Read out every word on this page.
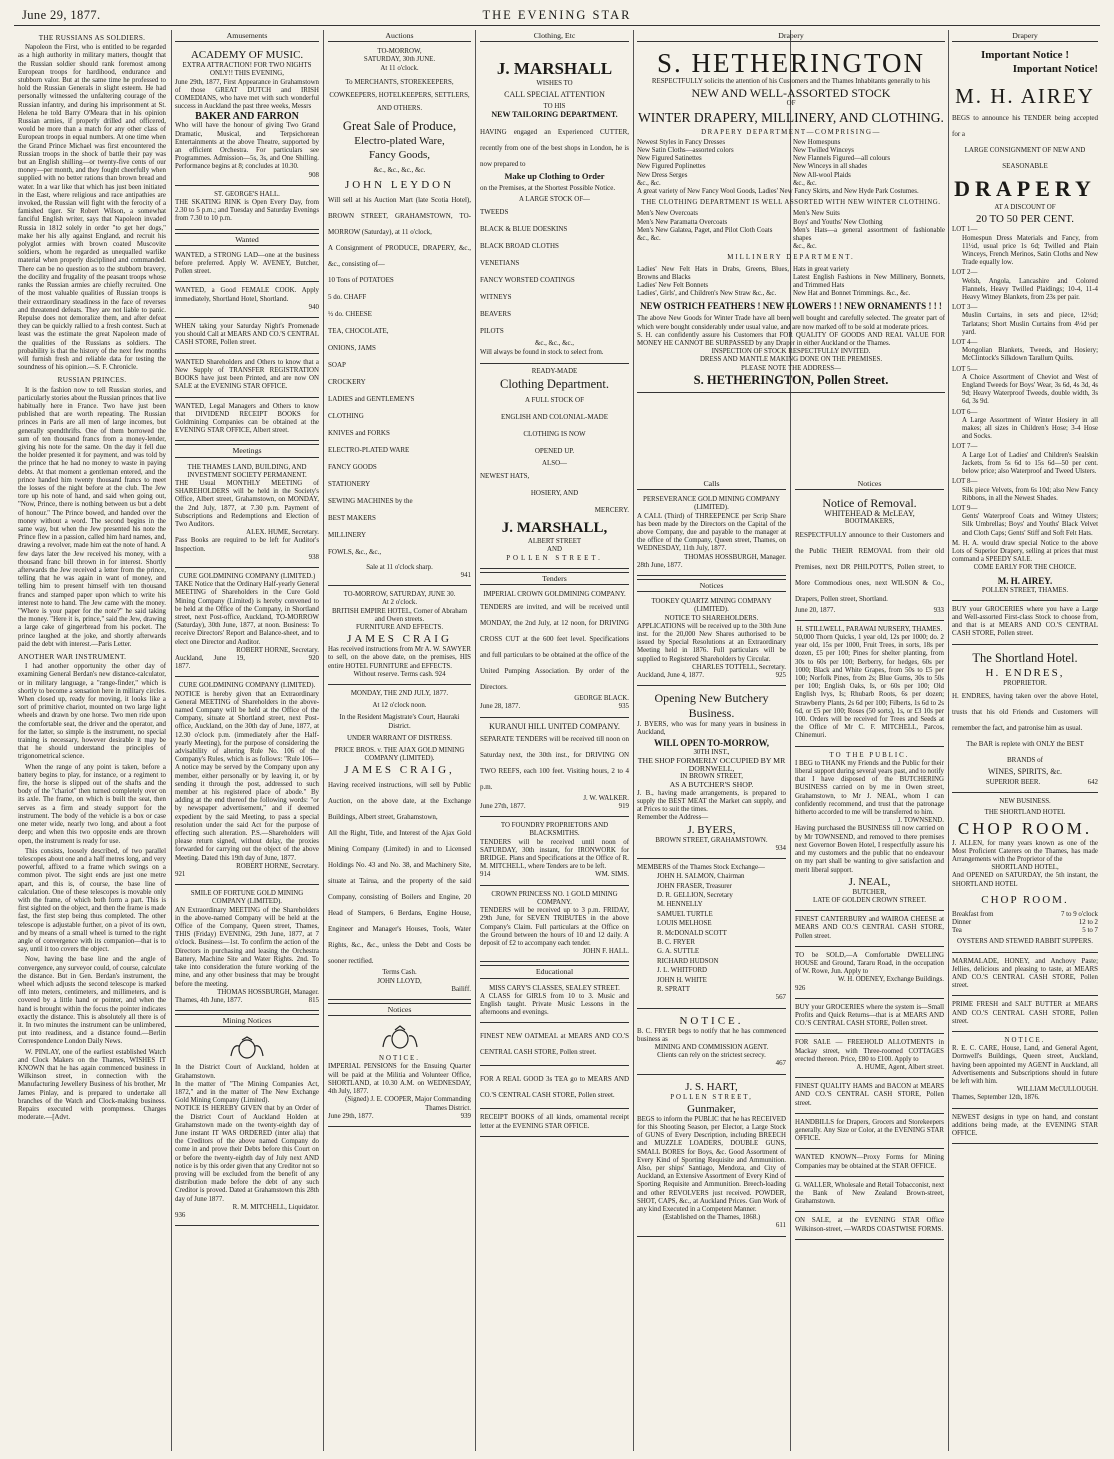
June 29, 1877.	THE EVENING STAR
THE RUSSIANS AS SOLDIERS.

Napoleon the First, who is entitled to be regarded as a high authority in military matters, thought that the Russian soldier should rank foremost among European troops for hardihood, endurance and stubborn valor. But at the same time he professed to hold the Russian Generals in slight esteem. He had personally witnessed the unfaltering courage of the Russian infantry, and during his imprisonment at St. Helena he told Barry O'Meara that in his opinion Russian armies, if properly drilled and officered, would be more than a match for any other class of European troops in equal numbers. At one time when the Grand Prince Michael was first encountered the Russian troops in the shock of battle their pay was but an English shilling—or twenty-five cents of our money—per month, and they fought cheerfully when supplied with no better rations than brown bread and water. In a war like that which has just been initiated in the East, where religious and race antipathies are invoked, the Russian will fight with the ferocity of a famished tiger. Sir Robert Wilson, a somewhat fanciful English writer, says that Napoleon invaded Russia in 1812 solely in order "to get her dogs," make her his ally against England, and recruit his polyglot armies with brown coated Muscovite soldiers, whom he regarded as unequalled warlike material when properly disciplined and commanded. There can be no question as to the stubborn bravery, the docility and frugality of the peasant troops whose ranks the Russian armies are chiefly recruited. One of the most valuable qualities of Russian troops is their extraordinary steadiness in the face of reverses and threatened defeats. They are not liable to panic. Repulse does not demoralize them, and after defeat they can be quickly rallied to a fresh contest. Such at least was the estimate the great Napoleon made of the qualities of the Russians as soldiers. The probability is that the history of the next few months will furnish fresh and reliable data for testing the soundness of his opinion.—S. F. Chronicle.

RUSSIAN PRINCES.

It is the fashion now to tell Russian stories, and particularly stories about the Russian princes that live habitually here in France. Two have just been published that are worth repeating. The Russian princes in Paris are all men of large incomes, but generally spendthrifts. One of them borrowed the sum of ten thousand francs from a money-lender, giving his note for the same. On the day it fell due the holder presented it for payment, and was told by the prince that he had no money to waste in paying debts. At that moment a gentleman entered, and the prince handed him twenty thousand francs to meet the losses of the night before at the club. The Jew tore up his note of hand, and said when going out, "Now, Prince, there is nothing between us but a debt of honour." The Prince bowed, and handed over the money without a word. The second begins in the same way, but when the Jew presented his note the Prince flew in a passion, called him hard names, and, drawing a revolver, made him eat the note of hand. A few days later the Jew received his money, with a thousand franc bill thrown in for interest. Shortly afterwards the Jew received a letter from the prince, telling that he was again in want of money, and telling him to present himself with ten thousand francs and stamped paper upon which to write his interest note to hand. The Jew came with the money. "Where is your paper for the note?" he said taking the money. "Here it is, prince," said the Jew, drawing a large cake of gingerbread from his pocket. The prince laughed at the joke, and shortly afterwards paid the debt with interest.—Paris Letter.

ANOTHER WAR INSTRUMENT.

I had another opportunity the other day of examining General Berdan's new distance-calculator, or in military language, a "range-finder," which is shortly to become a sensation here in military circles. When closed up, ready for moving, it looks like a sort of primitive chariot, mounted on two large light wheels and drawn by one horse. Two men ride upon the comfortable seat, the driver and the operator, and for the latter, so simple is the instrument, no special training is necessary, however desirable it may be that he should understand the principles of trigonometrical science.

When the range of any point is taken, before a battery begins to play, for instance, or a regiment to fire, the horse is slipped out of the shafts and the body of the "chariot" then turned completely over on its axle. The frame, on which is built the seat, then serves as a firm and steady support for the instrument. The body of the vehicle is a box or case one meter wide, nearly two long, and about a foot deep; and when this two opposite ends are thrown open, the instrument is ready for use.

This consists, loosely described, of two parallel telescopes about one and a half metres long, and very powerful, affixed to a frame which swings on a common pivot. The sight ends are just one metre apart, and this is, of course, the base line of calculation. One of these telescopes is movable only with the frame, of which both form a part. This is first sighted on the object, and then the frame is made fast, the first step being thus completed. The other telescope is adjustable further, on a pivot of its own, and by means of a small wheel is turned to the right angle of convergence with its companion—that is to say, until it too covers the object.

Now, having the base line and the angle of convergence, any surveyor could, of course, calculate the distance. But in Gen. Berdan's instrument, the wheel which adjusts the second telescope is marked off into meters, centimeters, and millimeters, and is covered by a little hand or pointer, and when the hand is brought within the focus the pointer indicates exactly the distance. This is absolutely all there is of it. In two minutes the instrument can be unlimbered, put into readiness, and a distance found.—Berlin Correspondence London Daily News.

W. PINLAY, one of the earliest established Watch and Clock Makers on the Thames, WISHES IT KNOWN that he has again commenced business in Wilkinson street, in connection with the Manufacturing Jewellery Business of his brother, Mr James Pinlay, and is prepared to undertake all branches of the Watch and Clock-making business. Repairs executed with promptness. Charges moderate.—[Advt.

Amusements
ACADEMY OF MUSIC.
EXTRA ATTRACTION! FOR TWO NIGHTS ONLY!! THIS EVENING,

June 29th, 1877, First Appearance in Grahamstown of those GREAT DUTCH and IRISH COMEDIANS, who have met with such wonderful success in Auckland the past three weeks, Messrs

BAKER AND FARRON

Who will have the honour of giving Two Grand Dramatic, Musical, and Terpsichorean Entertainments at the above Theatre, supported by an efficient Orchestra. For particulars see Programmes. Admission—5s, 3s, and One Shilling. Performance begins at 8; concludes at 10.30.

908
ST. GEORGE'S HALL.

THE SKATING RINK is Open Every Day, from 2.30 to 5 p.m.; and Tuesday and Saturday Evenings from 7.30 to 10 p.m.

Wanted

WANTED, a STRONG LAD—one at the business before preferred. Apply W. AVENEY, Butcher, Pollen street.

WANTED, a Good FEMALE COOK. Apply immediately, Shortland Hotel, Shortland.

940

WHEN taking your Saturday Night's Promenade you should Call at MEARS AND CO.'S CENTRAL CASH STORE, Pollen street.

WANTED Shareholders and Others to know that a New Supply of TRANSFER REGISTRATION BOOKS have just been Printed, and are now ON SALE at the EVENING STAR OFFICE.

WANTED, Legal Managers and Others to know that DIVIDEND RECEIPT BOOKS for Goldmining Companies can be obtained at the EVENING STAR OFFICE, Albert street.

Meetings
THE THAMES LAND, BUILDING, AND INVESTMENT SOCIETY PERMANENT.

THE Usual MONTHLY MEETING of SHAREHOLDERS will be held in the Society's Office, Albert street, Grahamstown, on MONDAY, the 2nd July, 1877, at 7.30 p.m. Payment of Subscriptions and Redemptions and Election of Two Auditors.

ALEX. HUME, Secretary.

Pass Books are required to be left for Auditor's Inspection.

938
CURE GOLDMINING COMPANY (LIMITED.)

TAKE Notice that the Ordinary Half-yearly General MEETING of Shareholders in the Cure Gold Mining Company (Limited) is hereby convened to be held at the Office of the Company, in Shortland street, next Post-office, Auckland, TO-MORROW (Saturday), 30th June, 1877, at noon. Business: To receive Directors' Report and Balance-sheet, and to elect one Director and Auditor.

ROBERT HORNE, Secretary.
Auckland, June 19, 1877.
920
CURE GOLDMINING COMPANY (LIMITED).

NOTICE is hereby given that an Extraordinary General MEETING of Shareholders in the above-named Company will be held at the Office of the Company, situate at Shortland street, next Post-office, Auckland, on the 30th day of June, 1877, at 12.30 o'clock p.m. (immediately after the Half-yearly Meeting), for the purpose of considering the advisability of altering Rule No. 106 of the Company's Rules, which is as follows: "Rule 106—A notice may be served by the Company upon any member, either personally or by leaving it, or by sending it through the post, addressed to such member at his registered place of abode." By adding at the end thereof the following words: "or by newspaper advertisement," and if deemed expedient by the said Meeting, to pass a special resolution under the said Act for the purpose of effecting such alteration. P.S.—Shareholders will please return signed, without delay, the proxies forwarded for carrying out the object of the above Meeting. Dated this 19th day of June, 1877.

ROBERT HORNE, Secretary.
921
SMILE OF FORTUNE GOLD MINING COMPANY (LIMITED).

AN Extraordinary MEETING of the Shareholders in the above-named Company will be held at the Office of the Company, Queen street, Thames, THIS (Friday) EVENING, 29th June, 1877, at 7 o'clock. Business—1st. To confirm the action of the Directors in purchasing and leasing the Orchestra Battery, Machine Site and Water Rights. 2nd. To take into consideration the future working of the mine, and any other business that may be brought before the meeting.

THOMAS HOSSBURGH, Manager.
Thames, 4th June, 1877.	815
Mining Notices

In the District Court of Auckland, holden at Grahamstown.

In the matter of "The Mining Companies Act, 1872," and in the matter of The New Exchange Gold Mining Company (Limited).

NOTICE IS HEREBY GIVEN that by an Order of the District Court of Auckland Holden at Grahamstown made on the twenty-eighth day of June instant IT WAS ORDERED (inter alia) that the Creditors of the above named Company do come in and prove their Debts before this Court on or before the twenty-eighth day of July next AND notice is by this order given that any Creditor not so proving will be excluded from the benefit of any distribution made before the debt of any such Creditor is proved. Dated at Grahamstown this 28th day of June 1877.

R. M. MITCHELL, Liquidator.
936
Auctions
TO-MORROW,
SATURDAY, 30th JUNE.
At 11 o'clock.
To MERCHANTS, STOREKEEPERS, COWKEEPERS, HOTELKEEPERS, SETTLERS, AND OTHERS.
Great Sale of Produce,
Electro-plated Ware,
Fancy Goods,
&c., &c., &c., &c.
JOHN LEYDON

Will sell at his Auction Mart (late Scotia Hotel), BROWN STREET, GRAHAMSTOWN, TO-MORROW (Saturday), at 11 o'clock,

A Consignment of PRODUCE, DRAPERY, &c., &c., consisting of—

10 Tons of POTATOES
5 do. CHAFF
½ do. CHEESE
TEA, CHOCOLATE,
ONIONS, JAMS
SOAP
CROCKERY
LADIES and GENTLEMEN'S
CLOTHING
KNIVES and FORKS
ELECTRO-PLATED WARE
FANCY GOODS
STATIONERY
SEWING MACHINES by the
BEST MAKERS
MILLINERY
FOWLS, &c., &c.,
Sale at 11 o'clock sharp.
941
TO-MORROW, SATURDAY, JUNE 30.
At 2 o'clock.
BRITISH EMPIRE HOTEL, Corner of Abraham and Owen streets.
FURNITURE AND EFFECTS.
JAMES CRAIG

Has received instructions from Mr A. W. SAWYER to sell, on the above date, on the premises, HIS entire HOTEL FURNITURE and EFFECTS.

Without reserve. Terms cash. 924
MONDAY, THE 2ND JULY, 1877.
At 12 o'clock noon.
In the Resident Magistrate's Court, Hauraki District.
UNDER WARRANT OF DISTRESS.
PRICE BROS. v. THE AJAX GOLD MINING COMPANY (LIMITED).
JAMES CRAIG,

Having received instructions, will sell by Public Auction, on the above date, at the Exchange Buildings, Albert street, Grahamstown,

All the Right, Title, and Interest of the Ajax Gold Mining Company (Limited) in and to Licensed Holdings No. 43 and No. 38, and Machinery Site, situate at Tairua, and the property of the said Company, consisting of Boilers and Engine, 20 Head of Stampers, 6 Berdans, Engine House, Engineer and Manager's Houses, Tools, Water Rights, &c., &c., unless the Debt and Costs be sooner rectified.

Terms Cash.
JOHN LLOYD,
Bailiff.
Notices
NOTICE.

IMPERIAL PENSIONS for the Ensuing Quarter will be paid at the Militia and Volunteer Office, SHORTLAND, at 10.30 A.M. on WEDNESDAY, 4th July, 1877.

(Signed) J. E. COOPER, Major Commanding Thames District.
June 29th, 1877.	939
Clothing, Etc
J. MARSHALL
WISHES TO
CALL SPECIAL ATTENTION
TO HIS
NEW TAILORING DEPARTMENT.

HAVING engaged an Experienced CUTTER, recently from one of the best shops in London, he is now prepared to

Make up Clothing to Order

on the Premises, at the Shortest Possible Notice.

A LARGE STOCK OF—
TWEEDS
BLACK & BLUE DOESKINS
BLACK BROAD CLOTHS
VENETIANS
FANCY WORSTED COATINGS
WITNEYS
BEAVERS
PILOTS
&c., &c., &c.,
Will always be found in stock to select from.
READY-MADE
Clothing Department.
A FULL STOCK OF
ENGLISH AND COLONIAL-MADE
CLOTHING IS NOW
OPENED UP.
ALSO—
NEWEST HATS,
HOSIERY, AND
MERCERY.
J. MARSHALL,
ALBERT STREET
AND
POLLEN STREET.
Tenders
IMPERIAL CROWN GOLDMINING COMPANY.

TENDERS are invited, and will be received until MONDAY, the 2nd July, at 12 noon, for DRIVING CROSS CUT at the 600 feet level. Specifications and full particulars to be obtained at the office of the United Pumping Association. By order of the Directors.

GEORGE BLACK.
June 28, 1877.	935
KURANUI HILL UNITED COMPANY.

SEPARATE TENDERS will be received till noon on Saturday next, the 30th inst., for DRIVING ON TWO REEFS, each 100 feet. Visiting hours, 2 to 4 p.m.

J. W. WALKER.
June 27th, 1877.	919
TO FOUNDRY PROPRIETORS AND BLACKSMITHS.

TENDERS will be received until noon of SATURDAY, 30th instant, for IRONWORK for BRIDGE. Plans and Specifications at the Office of R. M. MITCHELL, where Tenders are to be left.

914	WM. SIMS.
CROWN PRINCESS NO. 1 GOLD MINING COMPANY.

TENDERS will be received up to 3 p.m. FRIDAY, 29th June, for SEVEN TRIBUTES in the above Company's Claim. Full particulars at the Office on the Ground between the hours of 10 and 12 daily. A deposit of £2 to accompany each tender.

JOHN F. HALL.
Educational
MISS CARY'S CLASSES, SEALEY STREET.

A CLASS for GIRLS from 10 to 3. Music and English taught. Private Music Lessons in the afternoons and evenings.

FINEST NEW OATMEAL at MEARS AND CO.'S CENTRAL CASH STORE, Pollen street.

FOR A REAL GOOD 3s TEA go to MEARS AND CO.'S CENTRAL CASH STORE, Pollen street.

RECEIPT BOOKS of all kinds, ornamental receipt letter at the EVENING STAR OFFICE.

Drapery
S. HETHERINGTON

RESPECTFULLY solicits the attention of his Customers and the Thames Inhabitants generally to his

NEW AND WELL-ASSORTED STOCK
OF
WINTER DRAPERY, MILLINERY, AND CLOTHING.
DRAPERY DEPARTMENT—COMPRISING—
Newest Styles in Fancy Dresses
New Satin Cloths—assorted colors
New Figured Satinettes
New Figured Poplinettes
New Dress Serges
&c., &c.
New Homespuns
New Twilled Winceys
New Flannels Figured—all colours
New Winceys in all shades
New All-wool Plaids
&c., &c.

A great variety of New Fancy Wool Goods, Ladies' New Fancy Skirts, and New Hyde Park Costumes.

THE CLOTHING DEPARTMENT IS WELL ASSORTED WITH NEW WINTER CLOTHING.
Men's New Overcoats
Men's New Paramatta Overcoats
Men's New Galatea, Paget, and Pilot Cloth Coats
&c., &c.
Men's New Suits
Boys' and Youths' New Clothing
Men's Hats—a general assortment of fashionable shapes
&c., &c.
MILLINERY DEPARTMENT.
Ladies' New Felt Hats in Drabs, Greens, Blues, Browns and Blacks
Ladies' New Felt Bonnets
Ladies', Girls', and Children's New Straw &c., &c.
Hats in great variety
Latest English Fashions in New Millinery, Bonnets, and Trimmed Hats
New Hat and Bonnet Trimmings. &c., &c.
NEW OSTRICH FEATHERS ! NEW FLOWERS ! ! NEW ORNAMENTS ! ! !

The above New Goods for Winter Trade have all been well bought and carefully selected. The greater part of which were bought considerably under usual value, and are now marked off to be sold at moderate prices.

S. H. can confidently assure his Customers that FOR QUALITY OF GOODS AND REAL VALUE FOR MONEY HE CANNOT BE SURPASSED by any Draper in either Auckland or the Thames.

INSPECTION OF STOCK RESPECTFULLY INVITED.
DRESS AND MANTLE MAKING DONE ON THE PREMISES.
PLEASE NOTE THE ADDRESS—
S. HETHERINGTON, Pollen Street.
Calls
PERSEVERANCE GOLD MINING COMPANY (LIMITED).

A CALL (Third) of THREEPENCE per Scrip Share has been made by the Directors on the Capital of the above Company, due and payable to the manager at the office of the Company, Queen street, Thames, on WEDNESDAY, 11th July, 1877.

THOMAS HOSSBURGH, Manager.
28th June, 1877.
Notices
TOOKEY QUARTZ MINING COMPANY (LIMITED).
NOTICE TO SHAREHOLDERS.

APPLICATIONS will be received up to the 30th June inst. for the 20,000 New Shares authorised to be issued by Special Resolutions at an Extraordinary Meeting held in 1876. Full particulars will be supplied to Registered Shareholders by Circular.

CHARLES TOTTELL, Secretary.
Auckland, June 4, 1877.	925
Opening New Butchery Business.

J. BYERS, who was for many years in business in Auckland,

WILL OPEN TO-MORROW,
30TH INST.,
THE SHOP FORMERLY OCCUPIED BY MR DORNWELL,
IN BROWN STREET,
AS A BUTCHER'S SHOP.

J. B., having made arrangements, is prepared to supply the BEST MEAT the Market can supply, and at Prices to suit the times.

Remember the Address—
J. BYERS,
BROWN STREET, GRAHAMSTOWN.
934

MEMBERS of the Thames Stock Exchange—

JOHN H. SALMON, Chairman
JOHN FRASER, Treasurer
D. R. GELLION, Secretary
M. HENNELLY
SAMUEL TURTLE
LOUIS MELHOSE
R. McDONALD SCOTT
B. C. FRYER
G. A. SUTTLE
RICHARD HUDSON
J. L. WHITFORD
JOHN H. WHITE
R. SPRATT
567
NOTICE.

B. C. FRYER begs to notify that he has commenced business as

MINING AND COMMISSION AGENT.
Clients can rely on the strictest secrecy.
467
J. S. HART,
POLLEN STREET,
Gunmaker,

BEGS to inform the PUBLIC that he has RECEIVED for this Shooting Season, per Elector, a Large Stock of GUNS of Every Description, including BREECH and MUZZLE LOADERS, DOUBLE GUNS, SMALL BORES for Boys, &c. Good Assortment of Every Kind of Sporting Requisite and Ammunition. Also, per ships' Santiago, Mendoza, and City of Auckland, an Extensive Assortment of Every Kind of Sporting Requisite and Ammunition. Breech-loading and other REVOLVERS just received. POWDER, SHOT, CAPS, &c., at Auckland Prices. Gun Work of any kind Executed in a Competent Manner.

(Established on the Thames, 1868.)
611
Notices
Notice of Removal.
WHITEHEAD & McLEAY,
BOOTMAKERS,

RESPECTFULLY announce to their Customers and the Public THEIR REMOVAL from their old Premises, next DR PHILPOTT'S, Pollen street, to More Commodious ones, next WILSON & Co., Drapers, Pollen street, Shortland.

June 20, 1877.	933
H. STILLWELL, PARAWAI NURSERY, THAMES.

50,000 Thorn Quicks, 1 year old, 12s per 1000; do. 2 year old, 15s per 1000, Fruit Trees, in sorts, 18s per dozen, £5 per 100; Pines for shelter planting, from 30s to 60s per 100; Berberry, for hedges, 60s per 1000; Black and White Grapes, from 50s to £5 per 100; Norfolk Pines, from 2s; Blue Gums, 30s to 50s per 100; English Oaks, Is, or 60s per 100; Old English Ivys, Is; Rhubarb Roots, 6s per dozen; Strawberry Plants, 2s 6d per 100; Filberts, 1s 6d to 2s 6d, or £5 per 100; Roses (50 sorts), 1s, or £3 10s per 100. Orders will be received for Trees and Seeds at the Office of Mr C. F. MITCHELL, Parcos, Chinemuri.

TO THE PUBLIC.

I BEG to THANK my Friends and the Public for their liberal support during several years past, and to notify that I have disposed of the BUTCHERING BUSINESS carried on by me in Owen street, Grahamstown, to Mr J. NEAL, whom I can confidently recommend, and trust that the patronage hitherto accorded to me will be transferred to him.

J. TOWNSEND.

Having purchased the BUSINESS till now carried on by Mr TOWNSEND, and removed to there premises next Governor Bowen Hotel, I respectfully assure his and my customers and the public that no endeavour on my part shall be wanting to give satisfaction and merit liberal support.

J. NEAL,
BUTCHER,
LATE OF GOLDEN CROWN STREET.

FINEST CANTERBURY and WAIROA CHEESE at MEARS AND CO.'S CENTRAL CASH STORE, Pollen street.

TO be SOLD,—A Comfortable DWELLING HOUSE and Ground, Tararu Road, in the occupation of W. Rowe, Jun. Apply to

W. H. ODENEY, Exchange Buildings.
926

BUY your GROCERIES where the system is—Small Profits and Quick Returns—that is at MEARS AND CO.'S CENTRAL CASH STORE, Pollen street.

FOR SALE — FREEHOLD ALLOTMENTS in Mackay street, with Three-roomed COTTAGES erected thereon. Price, £80 to £100. Apply to

A. HUME, Agent, Albert street.

FINEST QUALITY HAMS and BACON at MEARS AND CO.'S CENTRAL CASH STORE, Pollen street.

HANDBILLS for Drapers, Grocers and Storekeepers generally. Any Size or Color, at the EVENING STAR OFFICE.

WANTED KNOWN—Proxy Forms for Mining Companies may be obtained at the STAR OFFICE.

G. WALLER, Wholesale and Retail Tobacconist, next the Bank of New Zealand Brown-street, Grahamstown.

ON SALE, at the EVENING STAR Office Wilkinson-street, —WARDS COASTWISE FORMS.

Drapery
Important Notice !
Important Notice!
M. H. AIREY

BEGS to announce his TENDER being accepted for a

LARGE CONSIGNMENT OF NEW AND SEASONABLE
DRAPERY
AT A DISCOUNT OF
20 TO 50 PER CENT.
LOT 1—
Homespun Dress Materials and Fancy, from 11½d, usual price 1s 6d; Twilled and Plain Winceys, French Merinos, Satin Cloths and New Trade equally low.
LOT 2—
Welsh, Angola, Lancashire and Colored Flannels, Heavy Twilled Plaidings; 10-4, 11-4 Heavy Witney Blankets, from 23s per pair.
LOT 3—
Muslin Curtains, in sets and piece, 12½d; Tarlatans; Short Muslin Curtains from 4½d per yard.
LOT 4—
Mongolian Blankets, Tweeds, and Hosiery; McClintock's Silkdown Tarallum Quilts.
LOT 5—
A Choice Assortment of Cheviot and West of England Tweeds for Boys' Wear, 3s 6d, 4s 3d, 4s 9d; Heavy Waterproof Tweeds, double width, 3s 6d, 3s 9d.
LOT 6—
A Large Assortment of Winter Hosiery in all makes; all sizes in Children's Hose; 3-4 Hose and Socks.
LOT 7—
A Large Lot of Ladies' and Children's Sealskin Jackets, from 5s 6d to 15s 6d—50 per cent. below price; also Waterproof and Tweed Ulsters.
LOT 8—
Silk piece Velvets, from 6s 10d; also New Fancy Ribbons, in all the Newest Shades.
LOT 9—
Gents' Waterproof Coats and Witney Ulsters; Silk Umbrellas; Boys' and Youths' Black Velvet and Cloth Caps; Gents' Stiff and Soft Felt Hats.

M. H. A. would draw special Notice to the above Lots of Superior Drapery, selling at prices that must command a SPEEDY SALE.

COME EARLY FOR THE CHOICE.
M. H. AIREY.
POLLEN STREET, THAMES.

BUY your GROCERIES where you have a Large and Well-assorted First-class Stock to choose from, and that is at MEARS AND CO.'S CENTRAL CASH STORE, Pollen street.

The Shortland Hotel.
H. ENDRES,
PROPRIETOR.

H. ENDRES, having taken over the above Hotel, trusts that his old Friends and Customers will remember the fact, and patronise him as usual.

The BAR is replete with ONLY the BEST BRANDS of
WINES, SPIRITS, &c.
SUPERIOR BEER.	642
NEW BUSINESS.
THE SHORTLAND HOTEL
CHOP ROOM.

J. ALLEN, for many years known as one of the Most Proficient Caterers on the Thames, has made Arrangements with the Proprietor of the

SHORTLAND HOTEL,

And OPENED on SATURDAY, the 5th instant, the SHORTLAND HOTEL

CHOP ROOM.
Breakfast from	7 to 9 o'clock
Dinner	12 to 2
Tea	5 to 7
OYSTERS AND STEWED RABBIT SUPPERS.

MARMALADE, HONEY, and Anchovy Paste; Jellies, delicious and pleasing to taste, at MEARS AND CO.'S CENTRAL CASH STORE, Pollen street.

PRIME FRESH and SALT BUTTER at MEARS AND CO.'S CENTRAL CASH STORE, Pollen street.

NOTICE.

R. E. C. CARE, House, Land, and General Agent, Dornwell's Buildings, Queen street, Auckland, having been appointed my AGENT in Auckland, all Advertisements and Subscriptions should in future be left with him.

WILLIAM McCULLOUGH.
Thames, September 12th, 1876.

NEWEST designs in type on hand, and constant additions being made, at the EVENING STAR OFFICE.
